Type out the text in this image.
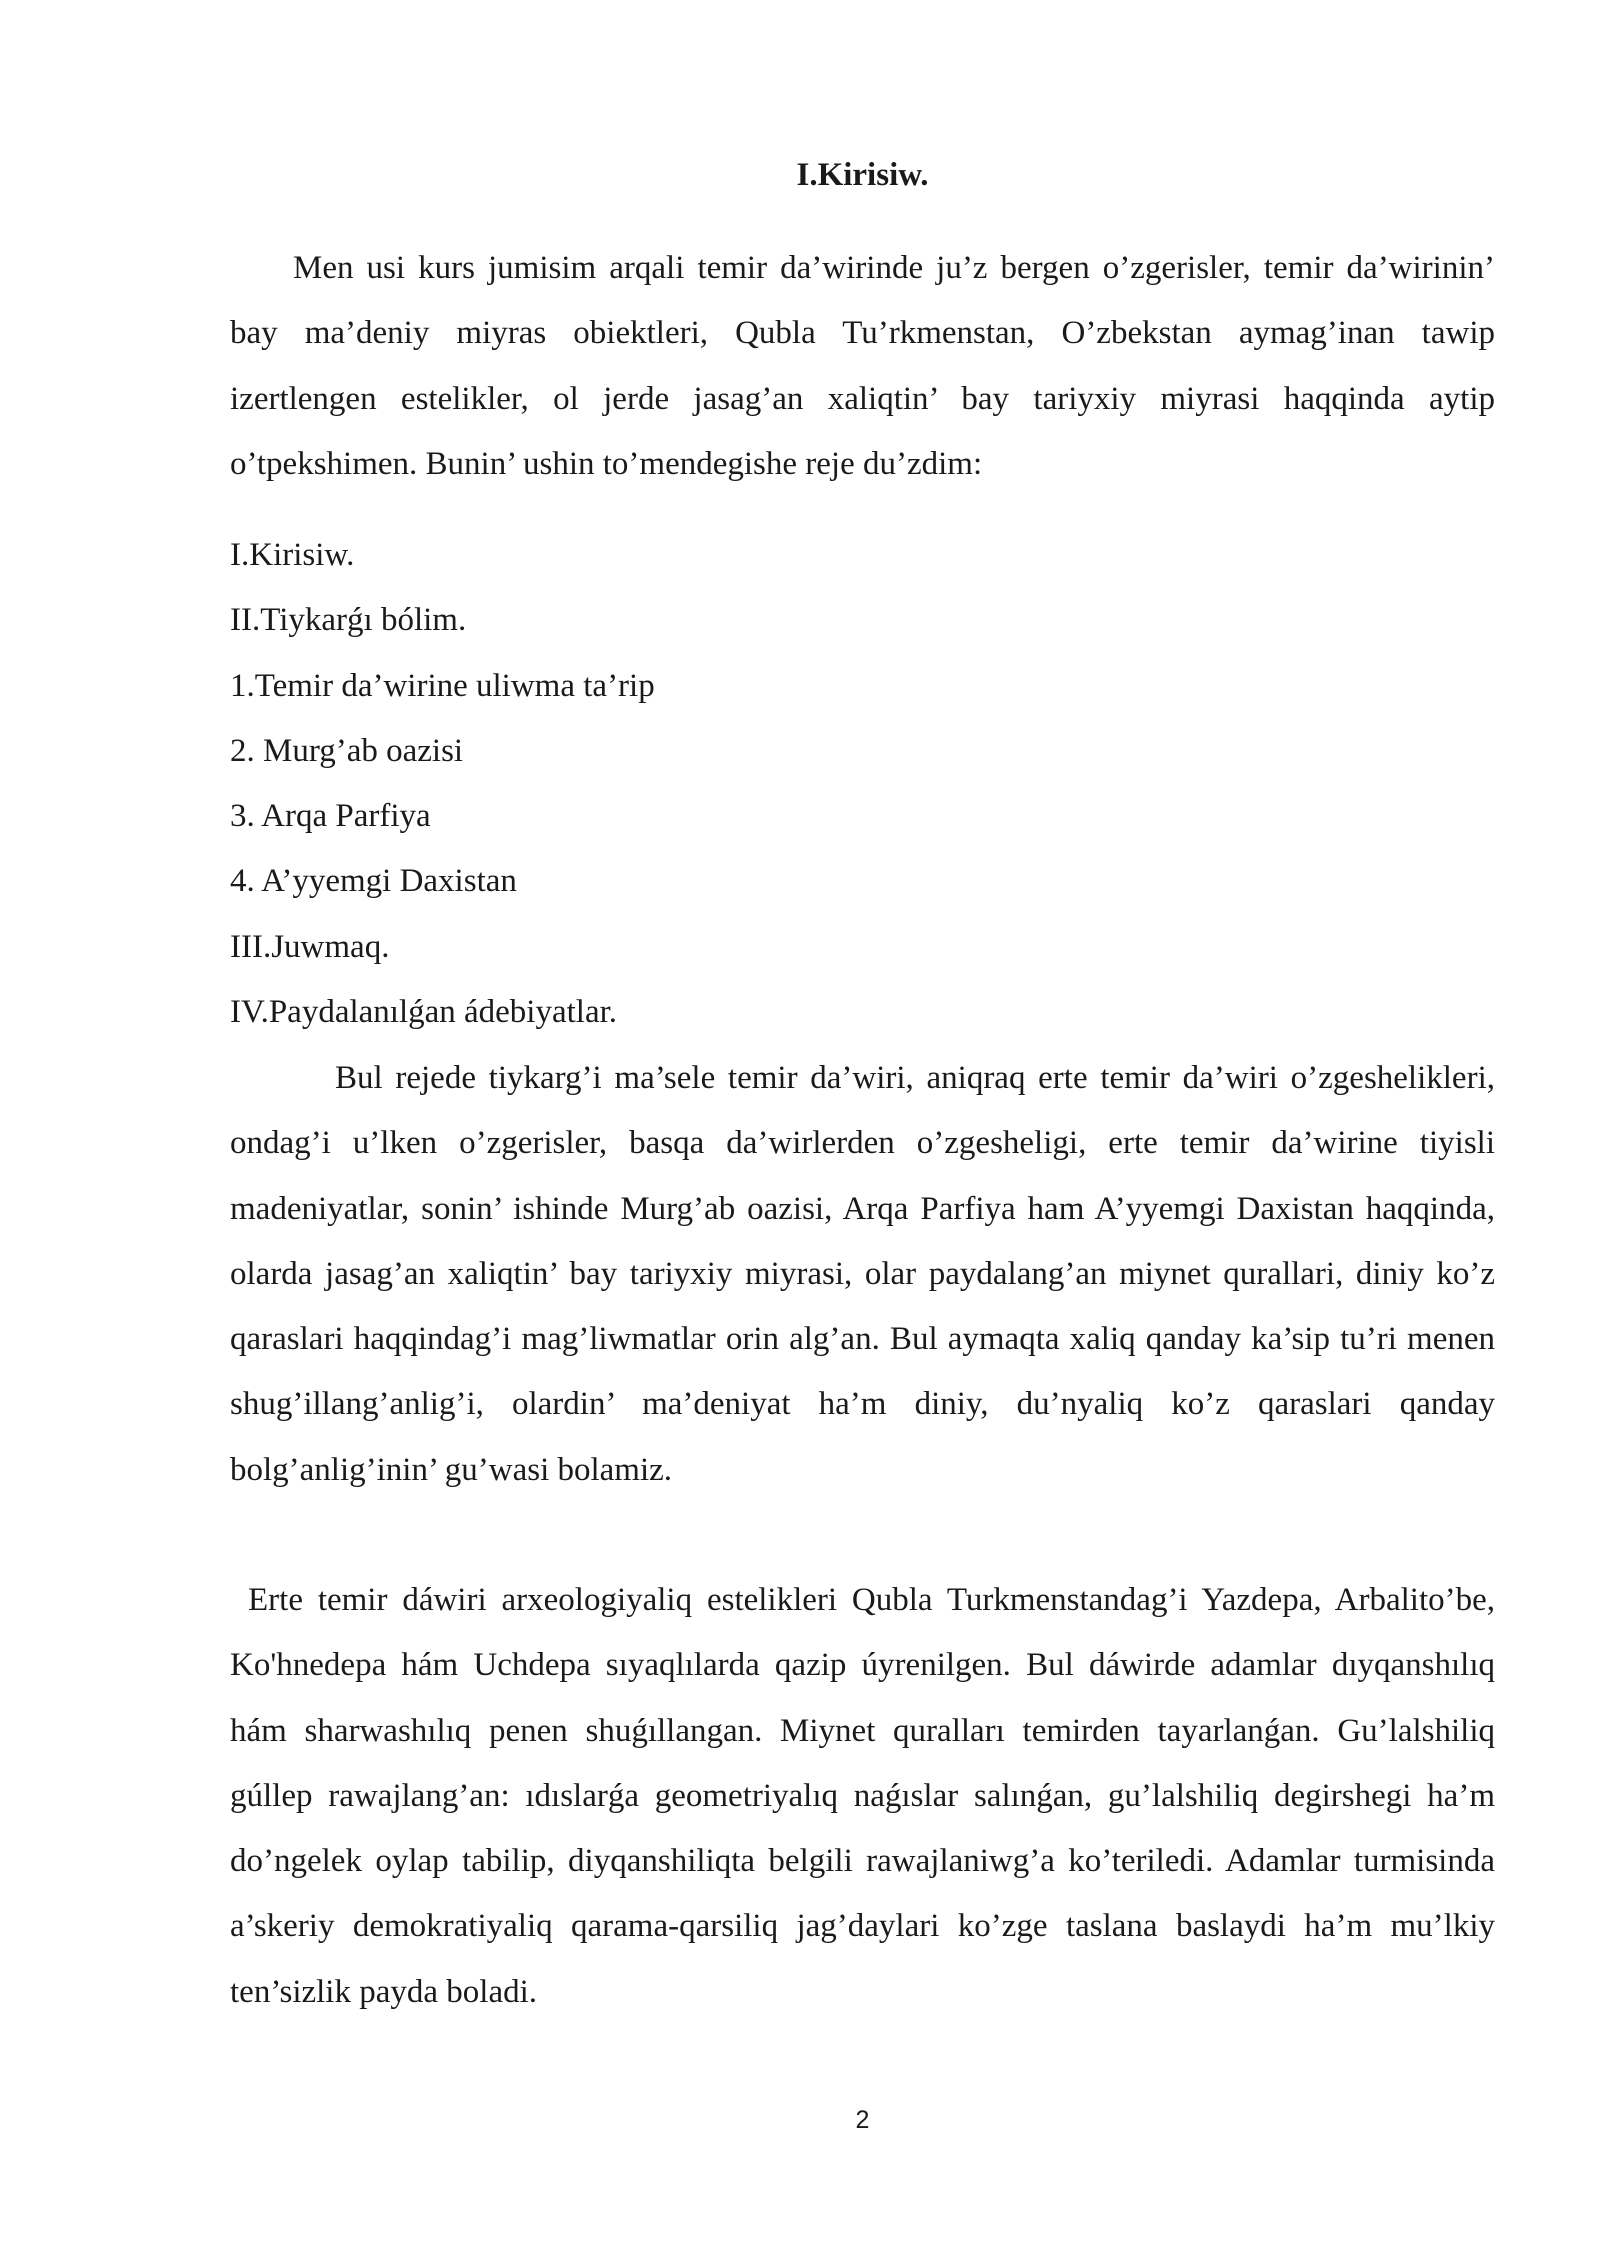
I.Kirisiw.

Men usi kurs jumisim arqali temir da’wirinde ju’z bergen o’zgerisler, temir da’wirinin’ bay ma’deniy miyras obiektleri, Qubla Tu’rkmenstan, O’zbekstan aymag’inan tawip izertlengen estelikler, ol jerde jasag’an xaliqtin’ bay tariyxiy miyrasi haqqinda aytip o’tpekshimen. Bunin’ ushin to’mendegishe reje du’zdim:

I.Kirisiw.
II.Tiykarǵı bólim.
1.Temir da’wirine uliwma ta’rip
2. Murg’ab oazisi
3. Arqa Parfiya
4. A’yyemgi Daxistan
III.Juwmaq.
IV.Paydalanılǵan ádebiyatlar.

Bul rejede tiykarg’i ma’sele temir da’wiri, aniqraq erte temir da’wiri o’zgeshelikleri, ondag’i u’lken o’zgerisler, basqa da’wirlerden o’zgesheligi, erte temir da’wirine tiyisli madeniyatlar, sonin’ ishinde Murg’ab oazisi, Arqa Parfiya ham A’yyemgi Daxistan haqqinda, olarda jasag’an xaliqtin’ bay tariyxiy miyrasi, olar paydalang’an miynet qurallari, diniy ko’z qaraslari haqqindag’i mag’liwmatlar orin alg’an. Bul aymaqta xaliq qanday ka’sip tu’ri menen shug’illang’anlig’i, olardin’ ma’deniyat ha’m diniy, du’nyaliq ko’z qaraslari qanday bolg’anlig’inin’ gu’wasi bolamiz.

Erte temir dáwiri arxeologiyaliq estelikleri Qubla Turkmenstandag’i Yazdepa, Arbalito’be, Ko'hnedepa hám Uchdepa sıyaqlılarda qazip úyrenilgen. Bul dáwirde adamlar dıyqanshılıq hám sharwashılıq penen shuǵıllangan. Miynet quralları temirden tayarlanǵan. Gu’lalshiliq gúllep rawajlang’an: ıdıslarǵa geometriyalıq naǵıslar salınǵan, gu’lalshiliq degirshegi ha’m do’ngelek oylap tabilip, diyqanshiliqta belgili rawajlaniwg’a ko’teriledi. Adamlar turmisinda a’skeriy demokratiyaliq qarama-qarsiliq jag’daylari ko’zge taslana baslaydi ha’m mu’lkiy ten’sizlik payda boladi.

2
